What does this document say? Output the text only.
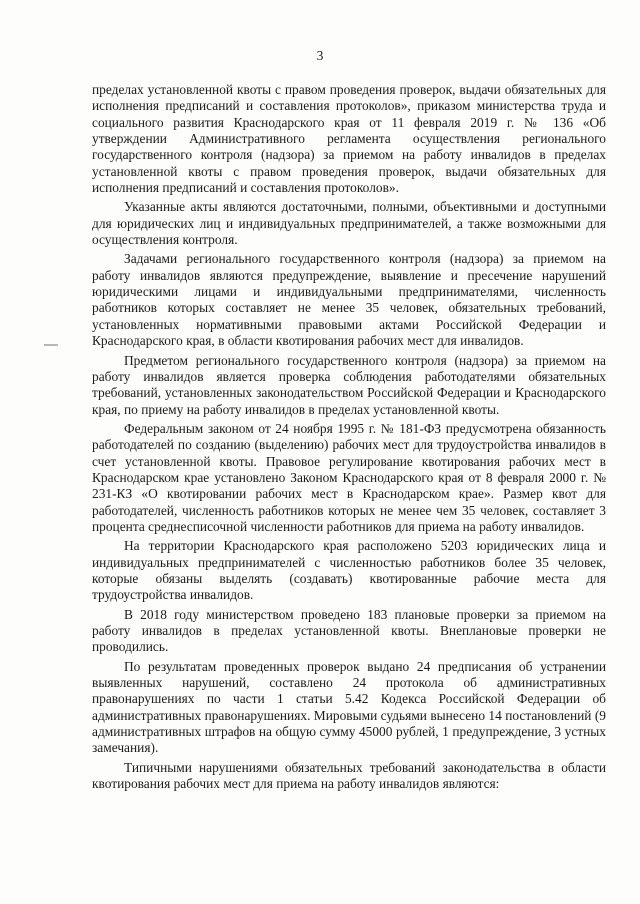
3

пределах установленной квоты с правом проведения проверок, выдачи обязательных для исполнения предписаний и составления протоколов», приказом министерства труда и социального развития Краснодарского края от 11 февраля 2019 г. № 136 «Об утверждении Административного регламента осуществления регионального государственного контроля (надзора) за приемом на работу инвалидов в пределах установленной квоты с правом проведения проверок, выдачи обязательных для исполнения предписаний и составления протоколов».

Указанные акты являются достаточными, полными, объективными и доступными для юридических лиц и индивидуальных предпринимателей, а также возможными для осуществления контроля.

Задачами регионального государственного контроля (надзора) за приемом на работу инвалидов являются предупреждение, выявление и пресечение нарушений юридическими лицами и индивидуальными предпринимателями, численность работников которых составляет не менее 35 человек, обязательных требований, установленных нормативными правовыми актами Российской Федерации и Краснодарского края, в области квотирования рабочих мест для инвалидов.

Предметом регионального государственного контроля (надзора) за приемом на работу инвалидов является проверка соблюдения работодателями обязательных требований, установленных законодательством Российской Федерации и Краснодарского края, по приему на работу инвалидов в пределах установленной квоты.

Федеральным законом от 24 ноября 1995 г. № 181-ФЗ предусмотрена обязанность работодателей по созданию (выделению) рабочих мест для трудоустройства инвалидов в счет установленной квоты. Правовое регулирование квотирования рабочих мест в Краснодарском крае установлено Законом Краснодарского края от 8 февраля 2000 г. № 231-КЗ «О квотировании рабочих мест в Краснодарском крае». Размер квот для работодателей, численность работников которых не менее чем 35 человек, составляет 3 процента среднесписочной численности работников для приема на работу инвалидов.

На территории Краснодарского края расположено 5203 юридических лица и индивидуальных предпринимателей с численностью работников более 35 человек, которые обязаны выделять (создавать) квотированные рабочие места для трудоустройства инвалидов.

В 2018 году министерством проведено 183 плановые проверки за приемом на работу инвалидов в пределах установленной квоты. Внеплановые проверки не проводились.

По результатам проведенных проверок выдано 24 предписания об устранении выявленных нарушений, составлено 24 протокола об административных правонарушениях по части 1 статьи 5.42 Кодекса Российской Федерации об административных правонарушениях. Мировыми судьями вынесено 14 постановлений (9 административных штрафов на общую сумму 45000 рублей, 1 предупреждение, 3 устных замечания).

Типичными нарушениями обязательных требований законодательства в области квотирования рабочих мест для приема на работу инвалидов являются:
